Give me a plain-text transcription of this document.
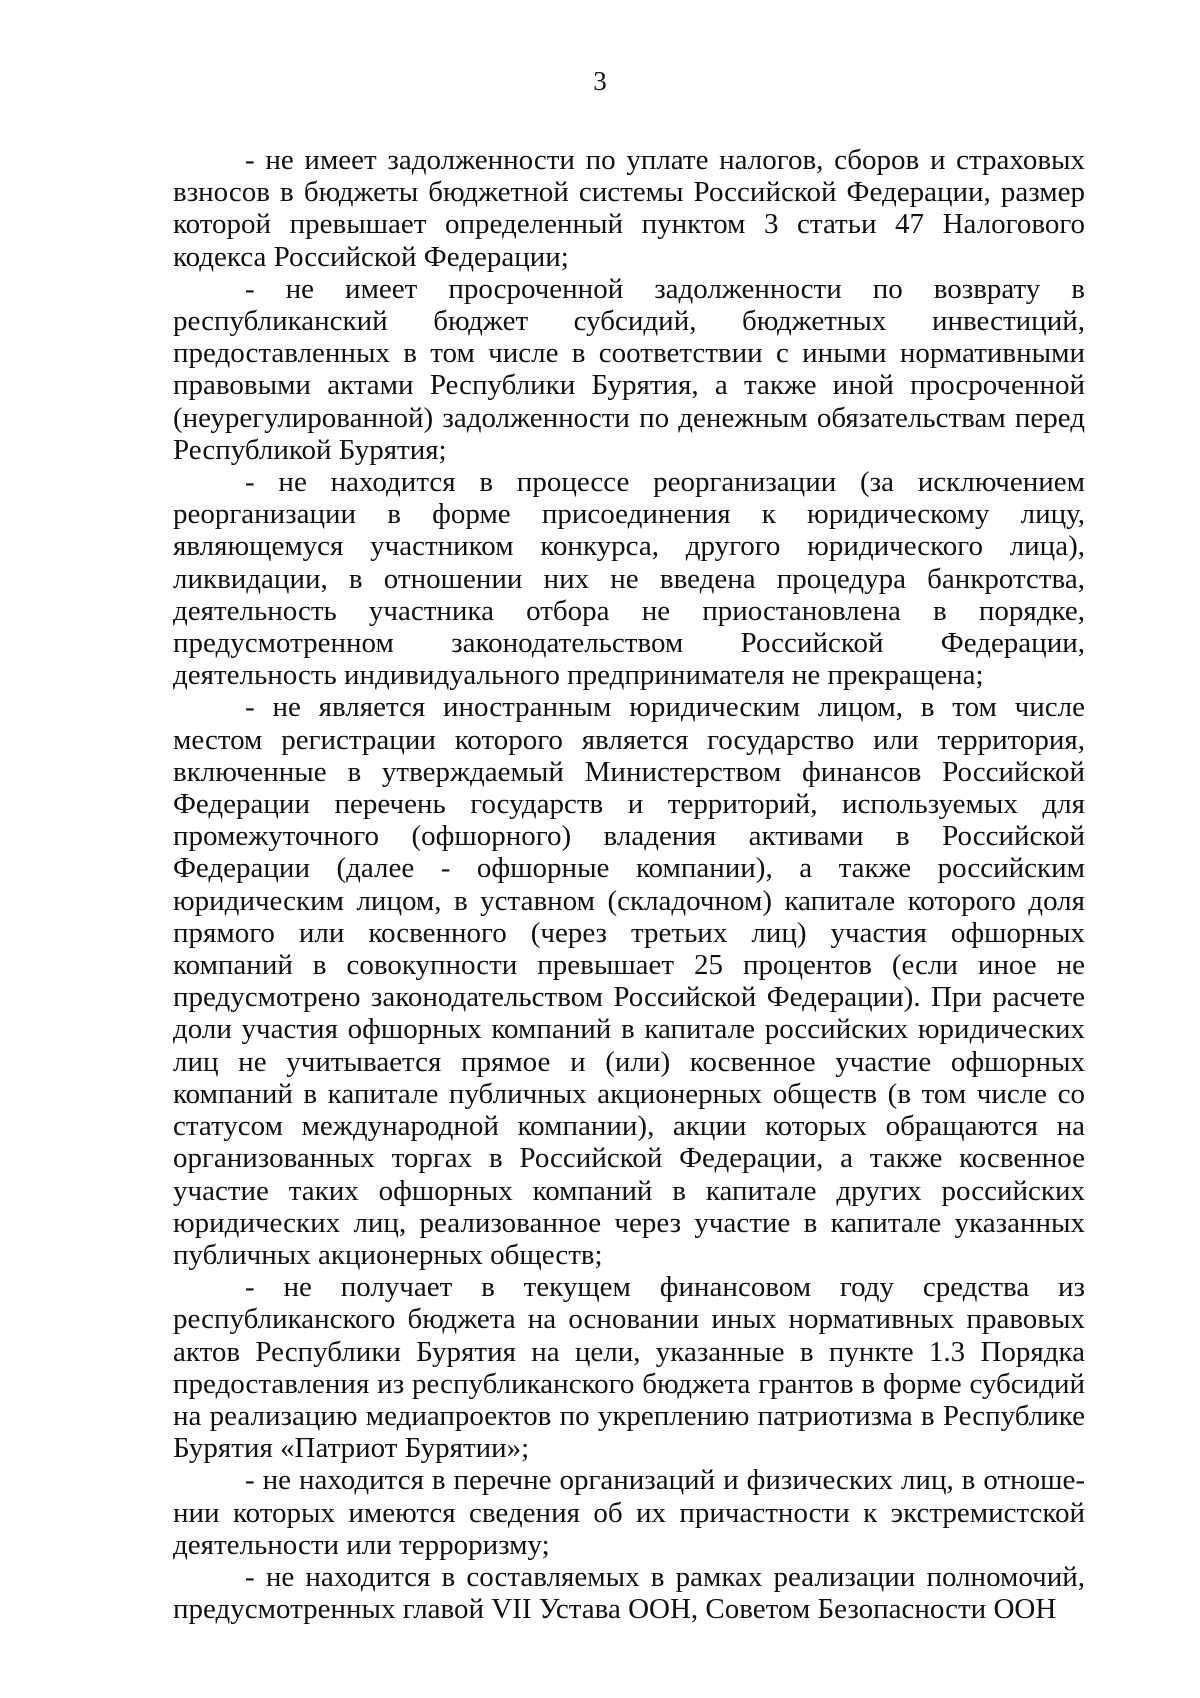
3

- не имеет задолженности по уплате налогов, сборов и страховых взносов в бюджеты бюджетной системы Российской Федерации, размер которой превышает определенный пунктом 3 статьи 47 Налогового кодекса Российской Федерации;

- не имеет просроченной задолженности по возврату в республиканский бюджет субсидий, бюджетных инвестиций, предоставленных в том числе в соответствии с иными нормативными правовыми актами Республики Бурятия, а также иной просроченной (неурегулированной) задолженности по денежным обязательствам перед Республикой Бурятия;

- не находится в процессе реорганизации (за исключением реорганизации в форме присоединения к юридическому лицу, являющемуся участником конкурса, другого юридического лица), ликвидации, в отношении них не введена процедура банкротства, деятельность участника отбора не приостановлена в порядке, предусмотренном законодательством Российской Федерации, деятельность индивидуального предпринимателя не прекращена;

- не является иностранным юридическим лицом, в том числе местом регистрации которого является государство или территория, включенные в утверждаемый Министерством финансов Российской Федерации перечень государств и территорий, используемых для промежуточного (офшорного) владения активами в Российской Федерации (далее - офшорные компании), а также российским юридическим лицом, в уставном (складочном) капитале которого доля прямого или косвенного (через третьих лиц) участия офшорных компаний в совокупности превышает 25 процентов (если иное не предусмотрено законодательством Российской Федерации). При расчете доли участия офшорных компаний в капитале российских юридических лиц не учитывается прямое и (или) косвенное участие офшорных компаний в капитале публичных акционерных обществ (в том числе со статусом международной компании), акции которых обращаются на организованных торгах в Российской Федерации, а также косвенное участие таких офшорных компаний в капитале других российских юридических лиц, реализованное через участие в капитале указанных публичных акционерных обществ;

- не получает в текущем финансовом году средства из республиканского бюджета на основании иных нормативных правовых актов Республики Бурятия на цели, указанные в пункте 1.3 Порядка предоставления из республиканского бюджета грантов в форме субсидий на реализацию медиапроектов по укреплению патриотизма в Республике Бурятия «Патриот Бурятии»;

- не находится в перечне организаций и физических лиц, в отношении которых имеются сведения об их причастности к экстремистской деятельности или терроризму;

- не находится в составляемых в рамках реализации полномочий, предусмотренных главой VII Устава ООН, Советом Безопасности ООН
